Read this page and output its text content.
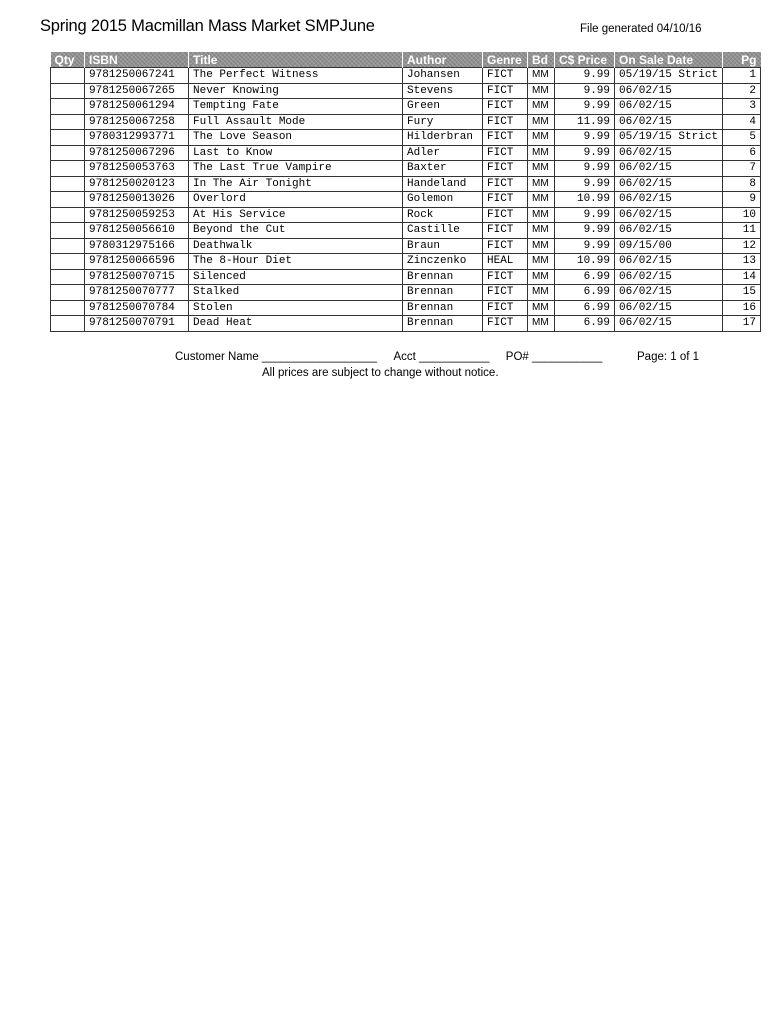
Spring 2015 Macmillan Mass Market SMPJune	File generated 04/10/16
Qty	ISBN	Title	Author	Genre	Bd	C$ Price	On Sale Date	Pg
	9781250067241	The Perfect Witness	Johansen	FICT	MM	9.99	05/19/15 Strict	1
	9781250067265	Never Knowing	Stevens	FICT	MM	9.99	06/02/15	2
	9781250061294	Tempting Fate	Green	FICT	MM	9.99	06/02/15	3
	9781250067258	Full Assault Mode	Fury	FICT	MM	11.99	06/02/15	4
	9780312993771	The Love Season	Hilderbran	FICT	MM	9.99	05/19/15 Strict	5
	9781250067296	Last to Know	Adler	FICT	MM	9.99	06/02/15	6
	9781250053763	The Last True Vampire	Baxter	FICT	MM	9.99	06/02/15	7
	9781250020123	In The Air Tonight	Handeland	FICT	MM	9.99	06/02/15	8
	9781250013026	Overlord	Golemon	FICT	MM	10.99	06/02/15	9
	9781250059253	At His Service	Rock	FICT	MM	9.99	06/02/15	10
	9781250056610	Beyond the Cut	Castille	FICT	MM	9.99	06/02/15	11
	9780312975166	Deathwalk	Braun	FICT	MM	9.99	09/15/00	12
	9781250066596	The 8-Hour Diet	Zinczenko	HEAL	MM	10.99	06/02/15	13
	9781250070715	Silenced	Brennan	FICT	MM	6.99	06/02/15	14
	9781250070777	Stalked	Brennan	FICT	MM	6.99	06/02/15	15
	9781250070784	Stolen	Brennan	FICT	MM	6.99	06/02/15	16
	9781250070791	Dead Heat	Brennan	FICT	MM	6.99	06/02/15	17
Customer Name __________________ Acct ___________ PO# ___________	Page: 1 of 1
All prices are subject to change without notice.
